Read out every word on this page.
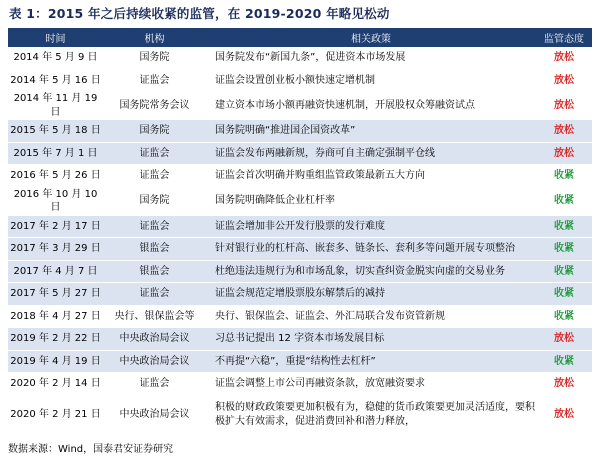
表 1：2015 年之后持续收紧的监管，在 2019-2020 年略见松动
时间	机构	相关政策	监管态度
2014 年 5 月 9 日	国务院	国务院发布“新国九条”，促进资本市场发展	放松
2014 年 5 月 16 日	证监会	证监会设置创业板小额快速定增机制	放松
2014 年 11 月 19 日	国务院常务会议	建立资本市场小额再融资快速机制，开展股权众筹融资试点	放松
2015 年 5 月 18 日	国务院	国务院明确“推进国企国资改革”	放松
2015 年 7 月 1 日	证监会	证监会发布两融新规，券商可自主确定强制平仓线	放松
2016 年 5 月 26 日	证监会	证监会首次明确并购重组监管政策最新五大方向	收紧
2016 年 10 月 10 日	国务院	国务院明确降低企业杠杆率	收紧
2017 年 2 月 17 日	证监会	证监会增加非公开发行股票的发行难度	收紧
2017 年 3 月 29 日	银监会	针对银行业的杠杆高、嵌套多、链条长、套利多等问题开展专项整治	收紧
2017 年 4 月 7 日	银监会	杜绝违法违规行为和市场乱象，切实查纠资金脱实向虚的交易业务	收紧
2017 年 5 月 27 日	证监会	证监会规范定增股票股东解禁后的减持	收紧
2018 年 4 月 27 日	央行、银保监会等	央行、银保监会、证监会、外汇局联合发布资管新规	收紧
2019 年 2 月 22 日	中央政治局会议	习总书记提出 12 字资本市场发展目标	放松
2019 年 4 月 19 日	中央政治局会议	不再提“六稳”，重提“结构性去杠杆”	收紧
2020 年 2 月 14 日	证监会	证监会调整上市公司再融资条款，放宽融资要求	放松
2020 年 2 月 21 日	中央政治局会议	积极的财政政策要更加积极有为，稳健的货币政策要更加灵活适度，要积极扩大有效需求，促进消费回补和潜力释放，	放松
数据来源：Wind，国泰君安证券研究
